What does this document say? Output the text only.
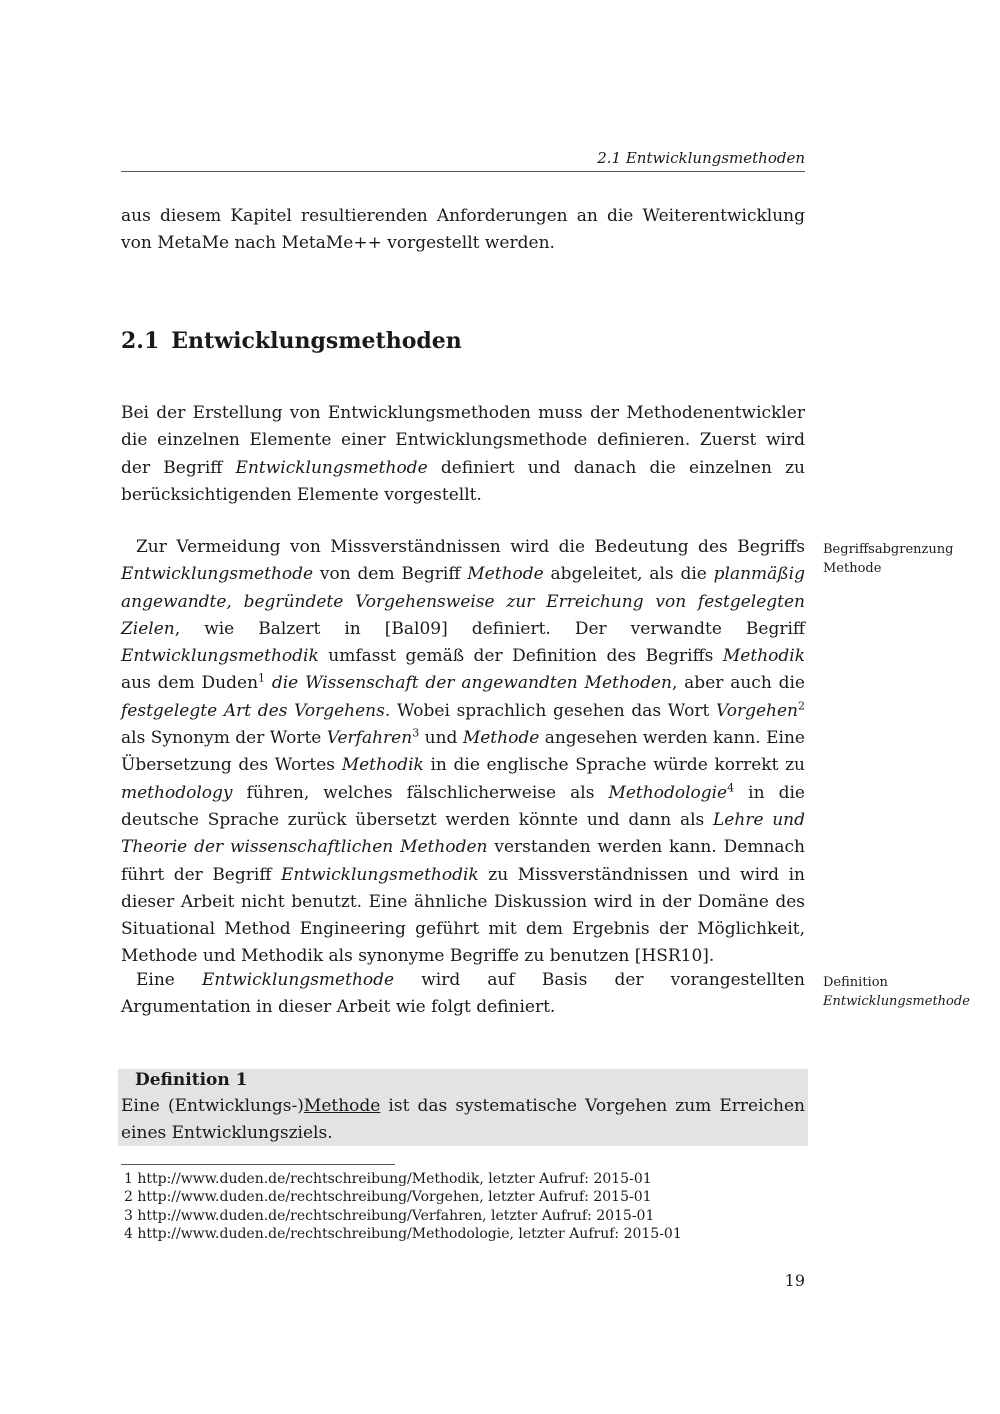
2.1 Entwicklungsmethoden

aus diesem Kapitel resultierenden Anforderungen an die Weiterentwicklung von MetaMe nach MetaMe++ vorgestellt werden.

2.1 Entwicklungsmethoden

Bei der Erstellung von Entwicklungsmethoden muss der Methodenentwickler die einzelnen Elemente einer Entwicklungsmethode definieren. Zuerst wird der Begriff Entwicklungsmethode definiert und danach die einzelnen zu berücksichtigenden Elemente vorgestellt.

Zur Vermeidung von Missverständnissen wird die Bedeutung des Begriffs Entwicklungsmethode von dem Begriff Methode abgeleitet, als die planmäßig angewandte, begründete Vorgehensweise zur Erreichung von festgelegten Zielen, wie Balzert in [Bal09] definiert. Der verwandte Begriff Entwicklungsmethodik umfasst gemäß der Definition des Begriffs Methodik aus dem Duden$^1$ die Wissenschaft der angewandten Methoden, aber auch die festgelegte Art des Vorgehens. Wobei sprachlich gesehen das Wort Vorgehen$^2$ als Synonym der Worte Verfahren$^3$ und Methode angesehen werden kann. Eine Übersetzung des Wortes Methodik in die englische Sprache würde korrekt zu methodology führen, welches fälschlicherweise als Methodologie$^4$ in die deutsche Sprache zurück übersetzt werden könnte und dann als Lehre und Theorie der wissenschaftlichen Methoden verstanden werden kann. Demnach führt der Begriff Entwicklungsmethodik zu Missverständnissen und wird in dieser Arbeit nicht benutzt. Eine ähnliche Diskussion wird in der Domäne des Situational Method Engineering geführt mit dem Ergebnis der Möglichkeit, Methode und Methodik als synonyme Begriffe zu benutzen [HSR10].

Eine Entwicklungsmethode wird auf Basis der vorangestellten Argumentation in dieser Arbeit wie folgt definiert.

Begriffsabgrenzung Methode
Definition Entwicklungsmethode
Definition 1

Eine (Entwicklungs-)Methode ist das systematische Vorgehen zum Erreichen eines Entwicklungsziels.

1 http://www.duden.de/rechtschreibung/Methodik, letzter Aufruf: 2015-01
2 http://www.duden.de/rechtschreibung/Vorgehen, letzter Aufruf: 2015-01
3 http://www.duden.de/rechtschreibung/Verfahren, letzter Aufruf: 2015-01
4 http://www.duden.de/rechtschreibung/Methodologie, letzter Aufruf: 2015-01
19
